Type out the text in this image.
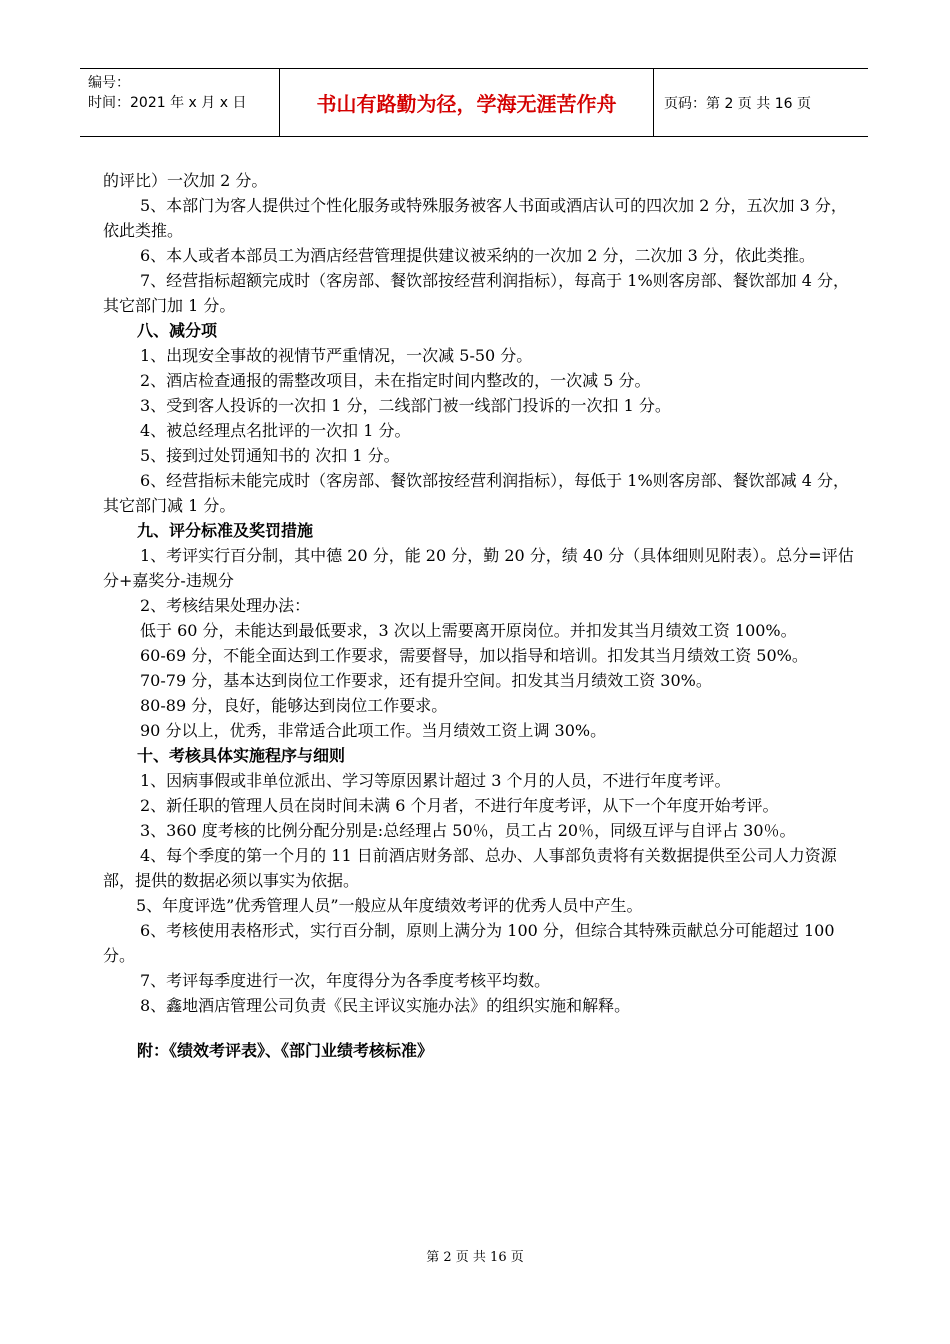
编号：
时间：2021 年 x 月 x 日	书山有路勤为径，学海无涯苦作舟	页码：第 2 页 共 16 页

的评比）一次加 2 分。

5、本部门为客人提供过个性化服务或特殊服务被客人书面或酒店认可的四次加 2 分，五次加 3 分，依此类推。

6、本人或者本部员工为酒店经营管理提供建议被采纳的一次加 2 分，二次加 3 分，依此类推。

7、经营指标超额完成时（客房部、餐饮部按经营利润指标），每高于 1%则客房部、餐饮部加 4 分，其它部门加 1 分。

八、减分项

1、出现安全事故的视情节严重情况，一次减 5-50 分。

2、酒店检查通报的需整改项目，未在指定时间内整改的，一次减 5 分。

3、受到客人投诉的一次扣 1 分，二线部门被一线部门投诉的一次扣 1 分。

4、被总经理点名批评的一次扣 1 分。

5、接到过处罚通知书的 次扣 1 分。

6、经营指标未能完成时（客房部、餐饮部按经营利润指标），每低于 1%则客房部、餐饮部减 4 分，其它部门减 1 分。

九、评分标准及奖罚措施

1、考评实行百分制，其中德 20 分，能 20 分，勤 20 分，绩 40 分（具体细则见附表）。总分=评估分+嘉奖分-违规分

2、考核结果处理办法：

低于 60 分，未能达到最低要求，3 次以上需要离开原岗位。并扣发其当月绩效工资 100%。

60-69 分，不能全面达到工作要求，需要督导，加以指导和培训。扣发其当月绩效工资 50%。

70-79 分，基本达到岗位工作要求，还有提升空间。扣发其当月绩效工资 30%。

80-89 分，良好，能够达到岗位工作要求。

90 分以上，优秀，非常适合此项工作。当月绩效工资上调 30%。

十、考核具体实施程序与细则

1、因病事假或非单位派出、学习等原因累计超过 3 个月的人员，不进行年度考评。

2、新任职的管理人员在岗时间未满 6 个月者，不进行年度考评，从下一个年度开始考评。

3、360 度考核的比例分配分别是:总经理占 50％，员工占 20％，同级互评与自评占 30％。

4、每个季度的第一个月的 11 日前酒店财务部、总办、人事部负责将有关数据提供至公司人力资源部，提供的数据必须以事实为依据。

5、年度评选”优秀管理人员”一般应从年度绩效考评的优秀人员中产生。

6、考核使用表格形式，实行百分制，原则上满分为 100 分，但综合其特殊贡献总分可能超过 100 分。

7、考评每季度进行一次，年度得分为各季度考核平均数。

8、鑫地酒店管理公司负责《民主评议实施办法》的组织实施和解释。

附：《绩效考评表》、《部门业绩考核标准》

第 2 页 共 16 页
